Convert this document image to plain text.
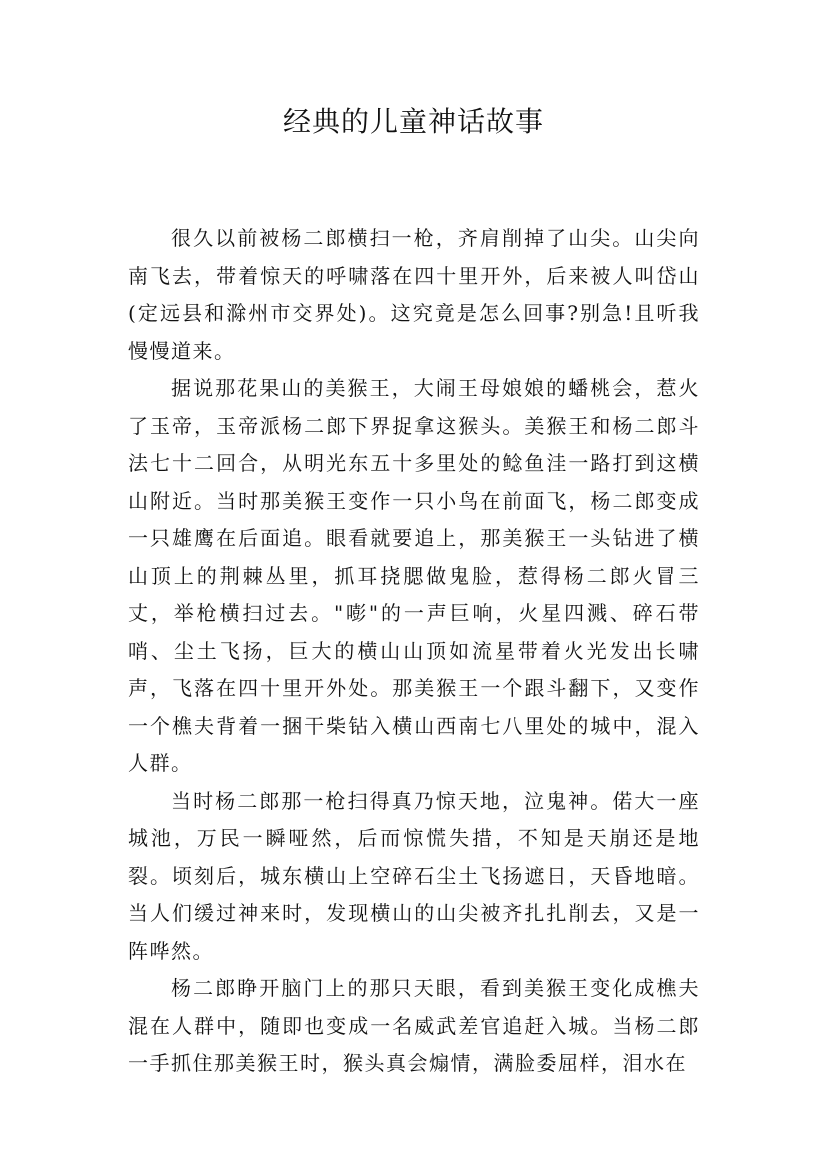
经典的儿童神话故事

很久以前被杨二郎横扫一枪，齐肩削掉了山尖。山尖向南飞去，带着惊天的呼啸落在四十里开外，后来被人叫岱山(定远县和滁州市交界处)。这究竟是怎么回事?别急!且听我慢慢道来。

据说那花果山的美猴王，大闹王母娘娘的蟠桃会，惹火了玉帝，玉帝派杨二郎下界捉拿这猴头。美猴王和杨二郎斗法七十二回合，从明光东五十多里处的鲶鱼洼一路打到这横山附近。当时那美猴王变作一只小鸟在前面飞，杨二郎变成一只雄鹰在后面追。眼看就要追上，那美猴王一头钻进了横山顶上的荆棘丛里，抓耳挠腮做鬼脸，惹得杨二郎火冒三丈，举枪横扫过去。"嘭"的一声巨响，火星四溅、碎石带哨、尘土飞扬，巨大的横山山顶如流星带着火光发出长啸声，飞落在四十里开外处。那美猴王一个跟斗翻下，又变作一个樵夫背着一捆干柴钻入横山西南七八里处的城中，混入人群。

当时杨二郎那一枪扫得真乃惊天地，泣鬼神。偌大一座城池，万民一瞬哑然，后而惊慌失措，不知是天崩还是地裂。顷刻后，城东横山上空碎石尘土飞扬遮日，天昏地暗。当人们缓过神来时，发现横山的山尖被齐扎扎削去，又是一阵哗然。

杨二郎睁开脑门上的那只天眼，看到美猴王变化成樵夫混在人群中，随即也变成一名威武差官追赶入城。当杨二郎一手抓住那美猴王时，猴头真会煽情，满脸委屈样，泪水在
